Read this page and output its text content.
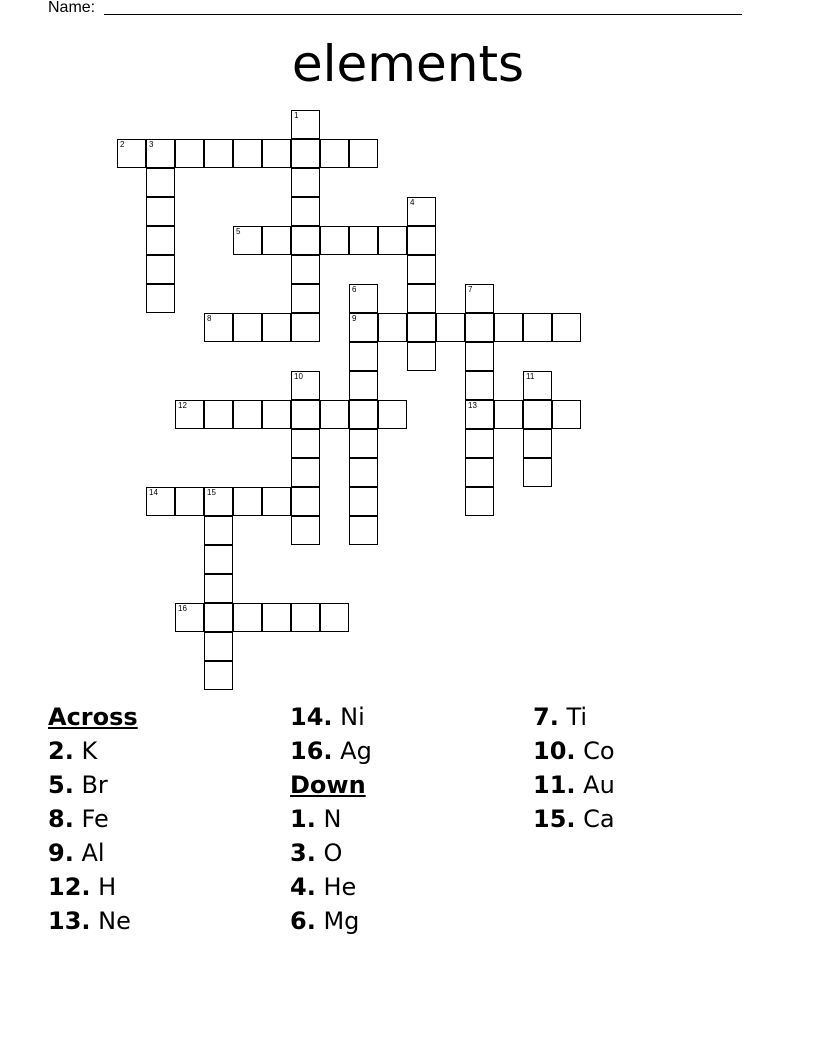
Name:
elements
1
2	3
4
5
6	7
8	9
10	11
12	13
14	15
16
Across
2. K
5. Br
8. Fe
9. Al
12. H
13. Ne
14. Ni
16. Ag
Down
1. N
3. O
4. He
6. Mg
7. Ti
10. Co
11. Au
15. Ca
